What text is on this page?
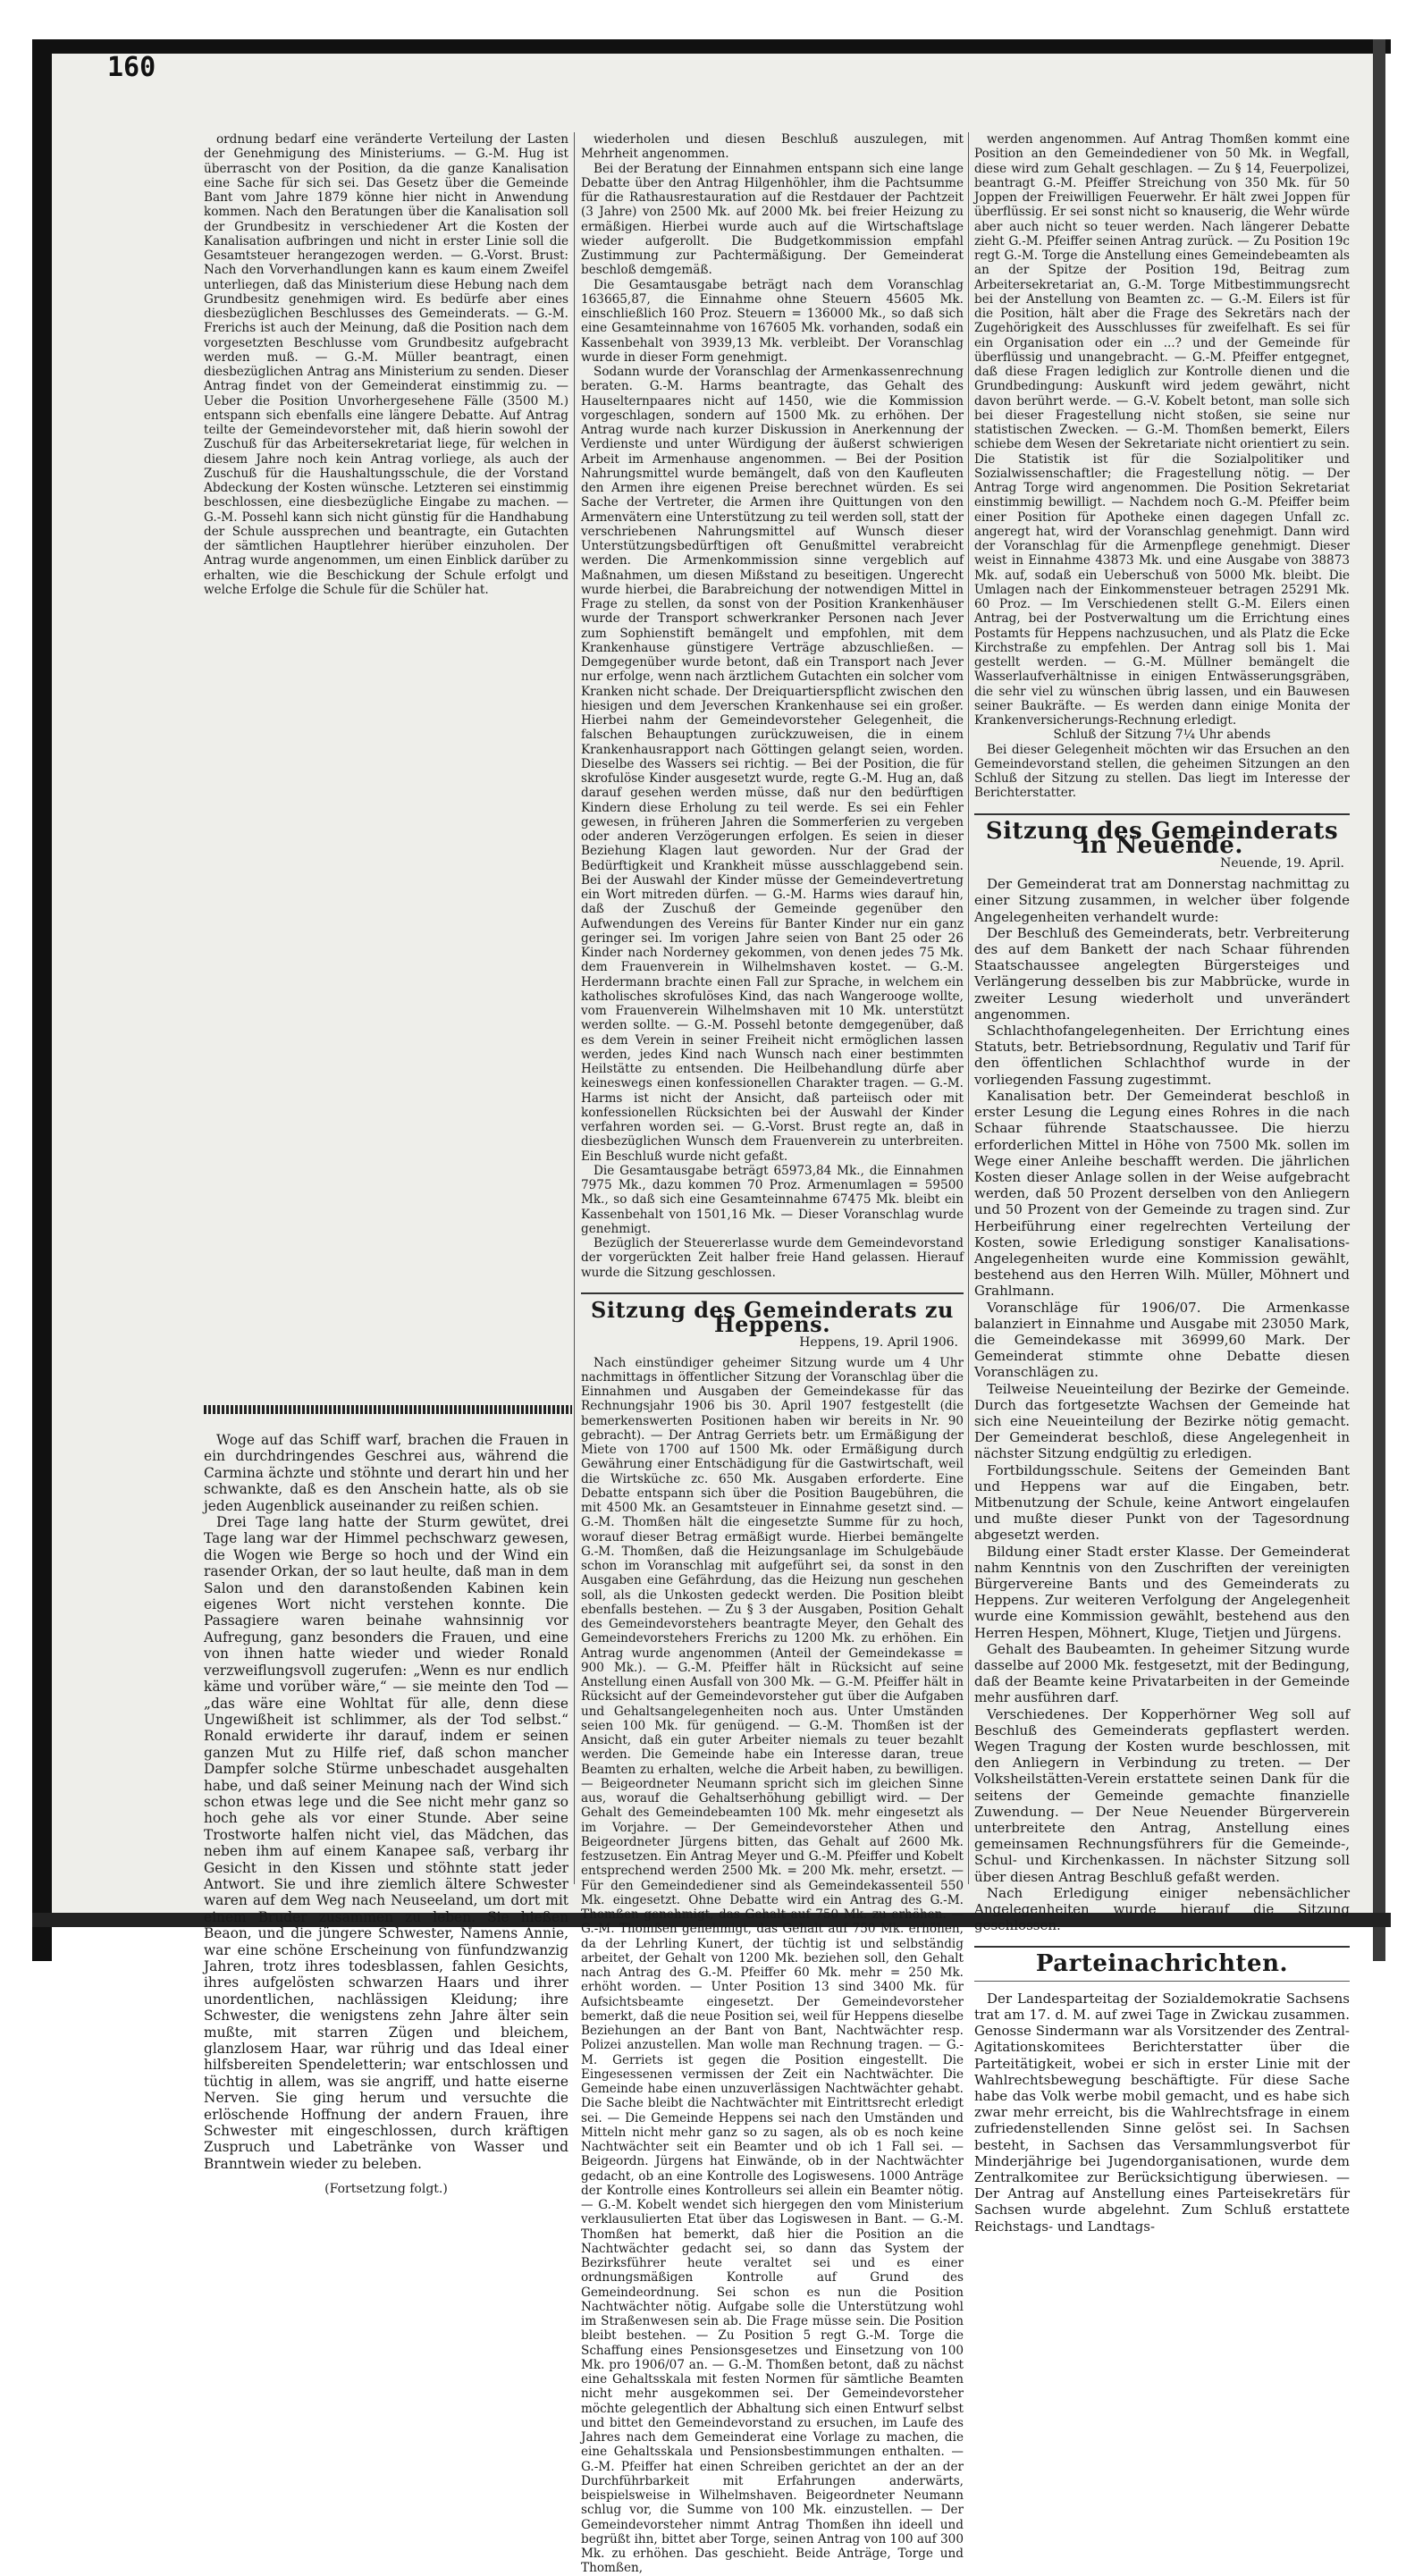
160

ordnung bedarf eine veränderte Verteilung der Lasten der Genehmigung des Ministeriums. — G.-M. Hug ist überrascht von der Position, da die ganze Kanalisation eine Sache für sich sei. Das Gesetz über die Gemeinde Bant vom Jahre 1879 könne hier nicht in Anwendung kommen. Nach den Beratungen über die Kanalisation soll der Grundbesitz in verschiedener Art die Kosten der Kanalisation aufbringen und nicht in erster Linie soll die Gesamtsteuer herangezogen werden. — G.-Vorst. Brust: Nach den Vorverhandlungen kann es kaum einem Zweifel unterliegen, daß das Ministerium diese Hebung nach dem Grundbesitz genehmigen wird. Es bedürfe aber eines diesbezüglichen Beschlusses des Gemeinderats. — G.-M. Frerichs ist auch der Meinung, daß die Position nach dem vorgesetzten Beschlusse vom Grundbesitz aufgebracht werden muß. — G.-M. Müller beantragt, einen diesbezüglichen Antrag ans Ministerium zu senden. Dieser Antrag findet von der Gemeinderat einstimmig zu. — Ueber die Position Unvorhergesehene Fälle (3500 M.) entspann sich ebenfalls eine längere Debatte. Auf Antrag teilte der Gemeindevorsteher mit, daß hierin sowohl der Zuschuß für das Arbeitersekretariat liege, für welchen in diesem Jahre noch kein Antrag vorliege, als auch der Zuschuß für die Haushaltungsschule, die der Vorstand Abdeckung der Kosten wünsche. Letzteren sei einstimmig beschlossen, eine diesbezügliche Eingabe zu machen. — G.-M. Possehl kann sich nicht günstig für die Handhabung der Schule aussprechen und beantragte, ein Gutachten der sämtlichen Hauptlehrer hierüber einzuholen. Der Antrag wurde angenommen, um einen Einblick darüber zu erhalten, wie die Beschickung der Schule erfolgt und welche Erfolge die Schule für die Schüler hat.

Woge auf das Schiff warf, brachen die Frauen in ein durchdringendes Geschrei aus, während die Carmina ächzte und stöhnte und derart hin und her schwankte, daß es den Anschein hatte, als ob sie jeden Augenblick auseinander zu reißen schien.

Drei Tage lang hatte der Sturm gewütet, drei Tage lang war der Himmel pechschwarz gewesen, die Wogen wie Berge so hoch und der Wind ein rasender Orkan, der so laut heulte, daß man in dem Salon und den daranstoßenden Kabinen kein eigenes Wort nicht verstehen konnte. Die Passagiere waren beinahe wahnsinnig vor Aufregung, ganz besonders die Frauen, und eine von ihnen hatte wieder und wieder Ronald verzweiflungsvoll zugerufen: „Wenn es nur endlich käme und vorüber wäre,“ — sie meinte den Tod — „das wäre eine Wohltat für alle, denn diese Ungewißheit ist schlimmer, als der Tod selbst.“ Ronald erwiderte ihr darauf, indem er seinen ganzen Mut zu Hilfe rief, daß schon mancher Dampfer solche Stürme unbeschadet ausgehalten habe, und daß seiner Meinung nach der Wind sich schon etwas lege und die See nicht mehr ganz so hoch gehe als vor einer Stunde. Aber seine Trostworte halfen nicht viel, das Mädchen, das neben ihm auf einem Kanapee saß, verbarg ihr Gesicht in den Kissen und stöhnte statt jeder Antwort. Sie und ihre ziemlich ältere Schwester waren auf dem Weg nach Neuseeland, um dort mit einem Bruder zusammen zu leben. Sie hießen Beaon, und die jüngere Schwester, Namens Annie, war eine schöne Erscheinung von fünfundzwanzig Jahren, trotz ihres todesblassen, fahlen Gesichts, ihres aufgelösten schwarzen Haars und ihrer unordentlichen, nachlässigen Kleidung; ihre Schwester, die wenigstens zehn Jahre älter sein mußte, mit starren Zügen und bleichem, glanzlosem Haar, war rührig und das Ideal einer hilfsbereiten Spendeletterin; war entschlossen und tüchtig in allem, was sie angriff, und hatte eiserne Nerven. Sie ging herum und versuchte die erlöschende Hoffnung der andern Frauen, ihre Schwester mit eingeschlossen, durch kräftigen Zuspruch und Labetränke von Wasser und Branntwein wieder zu beleben.

(Fortsetzung folgt.)

wiederholen und diesen Beschluß auszulegen, mit Mehrheit angenommen.

Bei der Beratung der Einnahmen entspann sich eine lange Debatte über den Antrag Hilgenhöhler, ihm die Pachtsumme für die Rathausrestauration auf die Restdauer der Pachtzeit (3 Jahre) von 2500 Mk. auf 2000 Mk. bei freier Heizung zu ermäßigen. Hierbei wurde auch auf die Wirtschaftslage wieder aufgerollt. Die Budgetkommission empfahl Zustimmung zur Pachtermäßigung. Der Gemeinderat beschloß demgemäß.

Die Gesamtausgabe beträgt nach dem Voranschlag 163665,87, die Einnahme ohne Steuern 45605 Mk. einschließlich 160 Proz. Steuern = 136000 Mk., so daß sich eine Gesamteinnahme von 167605 Mk. vorhanden, sodaß ein Kassenbehalt von 3939,13 Mk. verbleibt. Der Voranschlag wurde in dieser Form genehmigt.

Sodann wurde der Voranschlag der Armenkassenrechnung beraten. G.-M. Harms beantragte, das Gehalt des Hauselternpaares nicht auf 1450, wie die Kommission vorgeschlagen, sondern auf 1500 Mk. zu erhöhen. Der Antrag wurde nach kurzer Diskussion in Anerkennung der Verdienste und unter Würdigung der äußerst schwierigen Arbeit im Armenhause angenommen. — Bei der Position Nahrungsmittel wurde bemängelt, daß von den Kaufleuten den Armen ihre eigenen Preise berechnet würden. Es sei Sache der Vertreter, die Armen ihre Quittungen von den Armenvätern eine Unterstützung zu teil werden soll, statt der verschriebenen Nahrungsmittel auf Wunsch dieser Unterstützungsbedürftigen oft Genußmittel verabreicht werden. Die Armenkommission sinne vergeblich auf Maßnahmen, um diesen Mißstand zu beseitigen. Ungerecht wurde hierbei, die Barabreichung der notwendigen Mittel in Frage zu stellen, da sonst von der Position Krankenhäuser wurde der Transport schwerkranker Personen nach Jever zum Sophienstift bemängelt und empfohlen, mit dem Krankenhause günstigere Verträge abzuschließen. — Demgegenüber wurde betont, daß ein Transport nach Jever nur erfolge, wenn nach ärztlichem Gutachten ein solcher vom Kranken nicht schade. Der Dreiquartierspflicht zwischen den hiesigen und dem Jeverschen Krankenhause sei ein großer. Hierbei nahm der Gemeindevorsteher Gelegenheit, die falschen Behauptungen zurückzuweisen, die in einem Krankenhausrapport nach Göttingen gelangt seien, worden. Dieselbe des Wassers sei richtig. — Bei der Position, die für skrofulöse Kinder ausgesetzt wurde, regte G.-M. Hug an, daß darauf gesehen werden müsse, daß nur den bedürftigen Kindern diese Erholung zu teil werde. Es sei ein Fehler gewesen, in früheren Jahren die Sommerferien zu vergeben oder anderen Verzögerungen erfolgen. Es seien in dieser Beziehung Klagen laut geworden. Nur der Grad der Bedürftigkeit und Krankheit müsse ausschlaggebend sein. Bei der Auswahl der Kinder müsse der Gemeindevertretung ein Wort mitreden dürfen. — G.-M. Harms wies darauf hin, daß der Zuschuß der Gemeinde gegenüber den Aufwendungen des Vereins für Banter Kinder nur ein ganz geringer sei. Im vorigen Jahre seien von Bant 25 oder 26 Kinder nach Norderney gekommen, von denen jedes 75 Mk. dem Frauenverein in Wilhelmshaven kostet. — G.-M. Herdermann brachte einen Fall zur Sprache, in welchem ein katholisches skrofulöses Kind, das nach Wangerooge wollte, vom Frauenverein Wilhelmshaven mit 10 Mk. unterstützt werden sollte. — G.-M. Possehl betonte demgegenüber, daß es dem Verein in seiner Freiheit nicht ermöglichen lassen werden, jedes Kind nach Wunsch nach einer bestimmten Heilstätte zu entsenden. Die Heilbehandlung dürfe aber keineswegs einen konfessionellen Charakter tragen. — G.-M. Harms ist nicht der Ansicht, daß parteiisch oder mit konfessionellen Rücksichten bei der Auswahl der Kinder verfahren worden sei. — G.-Vorst. Brust regte an, daß in diesbezüglichen Wunsch dem Frauenverein zu unterbreiten. Ein Beschluß wurde nicht gefaßt.

Die Gesamtausgabe beträgt 65973,84 Mk., die Einnahmen 7975 Mk., dazu kommen 70 Proz. Armenumlagen = 59500 Mk., so daß sich eine Gesamteinnahme 67475 Mk. bleibt ein Kassenbehalt von 1501,16 Mk. — Dieser Voranschlag wurde genehmigt.

Bezüglich der Steuererlasse wurde dem Gemeindevorstand der vorgerückten Zeit halber freie Hand gelassen. Hierauf wurde die Sitzung geschlossen.

Sitzung des Gemeinderats zu Heppens.
Heppens, 19. April 1906.

Nach einstündiger geheimer Sitzung wurde um 4 Uhr nachmittags in öffentlicher Sitzung der Voranschlag über die Einnahmen und Ausgaben der Gemeindekasse für das Rechnungsjahr 1906 bis 30. April 1907 festgestellt (die bemerkenswerten Positionen haben wir bereits in Nr. 90 gebracht). — Der Antrag Gerriets betr. um Ermäßigung der Miete von 1700 auf 1500 Mk. oder Ermäßigung durch Gewährung einer Entschädigung für die Gastwirtschaft, weil die Wirtsküche zc. 650 Mk. Ausgaben erforderte. Eine Debatte entspann sich über die Position Baugebühren, die mit 4500 Mk. an Gesamtsteuer in Einnahme gesetzt sind. — G.-M. Thomßen hält die eingesetzte Summe für zu hoch, worauf dieser Betrag ermäßigt wurde. Hierbei bemängelte G.-M. Thomßen, daß die Heizungsanlage im Schulgebäude schon im Voranschlag mit aufgeführt sei, da sonst in den Ausgaben eine Gefährdung, das die Heizung nun geschehen soll, als die Unkosten gedeckt werden. Die Position bleibt ebenfalls bestehen. — Zu § 3 der Ausgaben, Position Gehalt des Gemeindevorstehers beantragte Meyer, den Gehalt des Gemeindevorstehers Frerichs zu 1200 Mk. zu erhöhen. Ein Antrag wurde angenommen (Anteil der Gemeindekasse = 900 Mk.). — G.-M. Pfeiffer hält in Rücksicht auf seine Anstellung einen Ausfall von 300 Mk. — G.-M. Pfeiffer hält in Rücksicht auf der Gemeindevorsteher gut über die Aufgaben und Gehaltsangelegenheiten noch aus. Unter Umständen seien 100 Mk. für genügend. — G.-M. Thomßen ist der Ansicht, daß ein guter Arbeiter niemals zu teuer bezahlt werden. Die Gemeinde habe ein Interesse daran, treue Beamten zu erhalten, welche die Arbeit haben, zu bewilligen. — Beigeordneter Neumann spricht sich im gleichen Sinne aus, worauf die Gehaltserhöhung gebilligt wird. — Der Gehalt des Gemeindebeamten 100 Mk. mehr eingesetzt als im Vorjahre. — Der Gemeindevorsteher Athen und Beigeordneter Jürgens bitten, das Gehalt auf 2600 Mk. festzusetzen. Ein Antrag Meyer und G.-M. Pfeiffer und Kobelt entsprechend werden 2500 Mk. = 200 Mk. mehr, ersetzt. — Für den Gemeindediener sind als Gemeindekassenteil 550 Mk. eingesetzt. Ohne Debatte wird ein Antrag des G.-M. Thomßen genehmigt, das Gehalt auf 750 Mk. zu erhöhen. — G.-M. Thomßen genehmigt, das Gehalt auf 750 Mk. erhöhen, da der Lehrling Kunert, der tüchtig ist und selbständig arbeitet, der Gehalt von 1200 Mk. beziehen soll, den Gehalt nach Antrag des G.-M. Pfeiffer 60 Mk. mehr = 250 Mk. erhöht worden. — Unter Position 13 sind 3400 Mk. für Aufsichtsbeamte eingesetzt. Der Gemeindevorsteher bemerkt, daß die neue Position sei, weil für Heppens dieselbe Beziehungen an der Bant von Bant, Nachtwächter resp. Polizei anzustellen. Man wolle man Rechnung tragen. — G.-M. Gerriets ist gegen die Position eingestellt. Die Eingesessenen vermissen der Zeit ein Nachtwächter. Die Gemeinde habe einen unzuverlässigen Nachtwächter gehabt. Die Sache bleibt die Nachtwächter mit Eintrittsrecht erledigt sei. — Die Gemeinde Heppens sei nach den Umständen und Mitteln nicht mehr ganz so zu sagen, als ob es noch keine Nachtwächter seit ein Beamter und ob ich 1 Fall sei. — Beigeordn. Jürgens hat Einwände, ob in der Nachtwächter gedacht, ob an eine Kontrolle des Logiswesens. 1000 Anträge der Kontrolle eines Kontrolleurs sei allein ein Beamter nötig. — G.-M. Kobelt wendet sich hiergegen den vom Ministerium verklausulierten Etat über das Logiswesen in Bant. — G.-M. Thomßen hat bemerkt, daß hier die Position an die Nachtwächter gedacht sei, so dann das System der Bezirksführer heute veraltet sei und es einer ordnungsmäßigen Kontrolle auf Grund des Gemeindeordnung. Sei schon es nun die Position Nachtwächter nötig. Aufgabe solle die Unterstützung wohl im Straßenwesen sein ab. Die Frage müsse sein. Die Position bleibt bestehen. — Zu Position 5 regt G.-M. Torge die Schaffung eines Pensionsgesetzes und Einsetzung von 100 Mk. pro 1906/07 an. — G.-M. Thomßen betont, daß zu nächst eine Gehaltsskala mit festen Normen für sämtliche Beamten nicht mehr ausgekommen sei. Der Gemeindevorsteher möchte gelegentlich der Abhaltung sich einen Entwurf selbst und bittet den Gemeindevorstand zu ersuchen, im Laufe des Jahres nach dem Gemeinderat eine Vorlage zu machen, die eine Gehaltsskala und Pensionsbestimmungen enthalten. — G.-M. Pfeiffer hat einen Schreiben gerichtet an der an der Durchführbarkeit mit Erfahrungen anderwärts, beispielsweise in Wilhelmshaven. Beigeordneter Neumann schlug vor, die Summe von 100 Mk. einzustellen. — Der Gemeindevorsteher nimmt Antrag Thomßen ihn ideell und begrüßt ihn, bittet aber Torge, seinen Antrag von 100 auf 300 Mk. zu erhöhen. Das geschieht. Beide Anträge, Torge und Thomßen,

werden angenommen. Auf Antrag Thomßen kommt eine Position an den Gemeindediener von 50 Mk. in Wegfall, diese wird zum Gehalt geschlagen. — Zu § 14, Feuerpolizei, beantragt G.-M. Pfeiffer Streichung von 350 Mk. für 50 Joppen der Freiwilligen Feuerwehr. Er hält zwei Joppen für überflüssig. Er sei sonst nicht so knauserig, die Wehr würde aber auch nicht so teuer werden. Nach längerer Debatte zieht G.-M. Pfeiffer seinen Antrag zurück. — Zu Position 19c regt G.-M. Torge die Anstellung eines Gemeindebeamten als an der Spitze der Position 19d, Beitrag zum Arbeitersekretariat an, G.-M. Torge Mitbestimmungsrecht bei der Anstellung von Beamten zc. — G.-M. Eilers ist für die Position, hält aber die Frage des Sekretärs nach der Zugehörigkeit des Ausschlusses für zweifelhaft. Es sei für ein Organisation oder ein ...? und der Gemeinde für überflüssig und unangebracht. — G.-M. Pfeiffer entgegnet, daß diese Fragen lediglich zur Kontrolle dienen und die Grundbedingung: Auskunft wird jedem gewährt, nicht davon berührt werde. — G.-V. Kobelt betont, man solle sich bei dieser Fragestellung nicht stoßen, sie seine nur statistischen Zwecken. — G.-M. Thomßen bemerkt, Eilers schiebe dem Wesen der Sekretariate nicht orientiert zu sein. Die Statistik ist für die Sozialpolitiker und Sozialwissenschaftler; die Fragestellung nötig. — Der Antrag Torge wird angenommen. Die Position Sekretariat einstimmig bewilligt. — Nachdem noch G.-M. Pfeiffer beim einer Position für Apotheke einen dagegen Unfall zc. angeregt hat, wird der Voranschlag genehmigt. Dann wird der Voranschlag für die Armenpflege genehmigt. Dieser weist in Einnahme 43873 Mk. und eine Ausgabe von 38873 Mk. auf, sodaß ein Ueberschuß von 5000 Mk. bleibt. Die Umlagen nach der Einkommensteuer betragen 25291 Mk. 60 Proz. — Im Verschiedenen stellt G.-M. Eilers einen Antrag, bei der Postverwaltung um die Errichtung eines Postamts für Heppens nachzusuchen, und als Platz die Ecke Kirchstraße zu empfehlen. Der Antrag soll bis 1. Mai gestellt werden. — G.-M. Müllner bemängelt die Wasserlaufverhältnisse in einigen Entwässerungsgräben, die sehr viel zu wünschen übrig lassen, und ein Bauwesen seiner Baukräfte. — Es werden dann einige Monita der Krankenversicherungs-Rechnung erledigt.

Schluß der Sitzung 7¼ Uhr abends

Bei dieser Gelegenheit möchten wir das Ersuchen an den Gemeindevorstand stellen, die geheimen Sitzungen an den Schluß der Sitzung zu stellen. Das liegt im Interesse der Berichterstatter.

Sitzung des Gemeinderats in Neuende.
Neuende, 19. April.

Der Gemeinderat trat am Donnerstag nachmittag zu einer Sitzung zusammen, in welcher über folgende Angelegenheiten verhandelt wurde:

Der Beschluß des Gemeinderats, betr. Verbreiterung des auf dem Bankett der nach Schaar führenden Staatschaussee angelegten Bürgersteiges und Verlängerung desselben bis zur Mabbrücke, wurde in zweiter Lesung wiederholt und unverändert angenommen.

Schlachthofangelegenheiten. Der Errichtung eines Statuts, betr. Betriebsordnung, Regulativ und Tarif für den öffentlichen Schlachthof wurde in der vorliegenden Fassung zugestimmt.

Kanalisation betr. Der Gemeinderat beschloß in erster Lesung die Legung eines Rohres in die nach Schaar führende Staatschaussee. Die hierzu erforderlichen Mittel in Höhe von 7500 Mk. sollen im Wege einer Anleihe beschafft werden. Die jährlichen Kosten dieser Anlage sollen in der Weise aufgebracht werden, daß 50 Prozent derselben von den Anliegern und 50 Prozent von der Gemeinde zu tragen sind. Zur Herbeiführung einer regelrechten Verteilung der Kosten, sowie Erledigung sonstiger Kanalisations-Angelegenheiten wurde eine Kommission gewählt, bestehend aus den Herren Wilh. Müller, Möhnert und Grahlmann.

Voranschläge für 1906/07. Die Armenkasse balanziert in Einnahme und Ausgabe mit 23050 Mark, die Gemeindekasse mit 36999,60 Mark. Der Gemeinderat stimmte ohne Debatte diesen Voranschlägen zu.

Teilweise Neueinteilung der Bezirke der Gemeinde. Durch das fortgesetzte Wachsen der Gemeinde hat sich eine Neueinteilung der Bezirke nötig gemacht. Der Gemeinderat beschloß, diese Angelegenheit in nächster Sitzung endgültig zu erledigen.

Fortbildungsschule. Seitens der Gemeinden Bant und Heppens war auf die Eingaben, betr. Mitbenutzung der Schule, keine Antwort eingelaufen und mußte dieser Punkt von der Tagesordnung abgesetzt werden.

Bildung einer Stadt erster Klasse. Der Gemeinderat nahm Kenntnis von den Zuschriften der vereinigten Bürgervereine Bants und des Gemeinderats zu Heppens. Zur weiteren Verfolgung der Angelegenheit wurde eine Kommission gewählt, bestehend aus den Herren Hespen, Möhnert, Kluge, Tietjen und Jürgens.

Gehalt des Baubeamten. In geheimer Sitzung wurde dasselbe auf 2000 Mk. festgesetzt, mit der Bedingung, daß der Beamte keine Privatarbeiten in der Gemeinde mehr ausführen darf.

Verschiedenes. Der Kopperhörner Weg soll auf Beschluß des Gemeinderats gepflastert werden. Wegen Tragung der Kosten wurde beschlossen, mit den Anliegern in Verbindung zu treten. — Der Volksheilstätten-Verein erstattete seinen Dank für die seitens der Gemeinde gemachte finanzielle Zuwendung. — Der Neue Neuender Bürgerverein unterbreitete den Antrag, Anstellung eines gemeinsamen Rechnungsführers für die Gemeinde-, Schul- und Kirchenkassen. In nächster Sitzung soll über diesen Antrag Beschluß gefaßt werden.

Nach Erledigung einiger nebensächlicher Angelegenheiten wurde hierauf die Sitzung geschlossen.

Parteinachrichten.

Der Landesparteitag der Sozialdemokratie Sachsens trat am 17. d. M. auf zwei Tage in Zwickau zusammen. Genosse Sindermann war als Vorsitzender des Zentral-Agitationskomitees Berichterstatter über die Parteitätigkeit, wobei er sich in erster Linie mit der Wahlrechtsbewegung beschäftigte. Für diese Sache habe das Volk werbe mobil gemacht, und es habe sich zwar mehr erreicht, bis die Wahlrechtsfrage in einem zufriedenstellenden Sinne gelöst sei. In Sachsen besteht, in Sachsen das Versammlungsverbot für Minderjährige bei Jugendorganisationen, wurde dem Zentralkomitee zur Berücksichtigung überwiesen. — Der Antrag auf Anstellung eines Parteisekretärs für Sachsen wurde abgelehnt. Zum Schluß erstattete Reichstags- und Landtags-
